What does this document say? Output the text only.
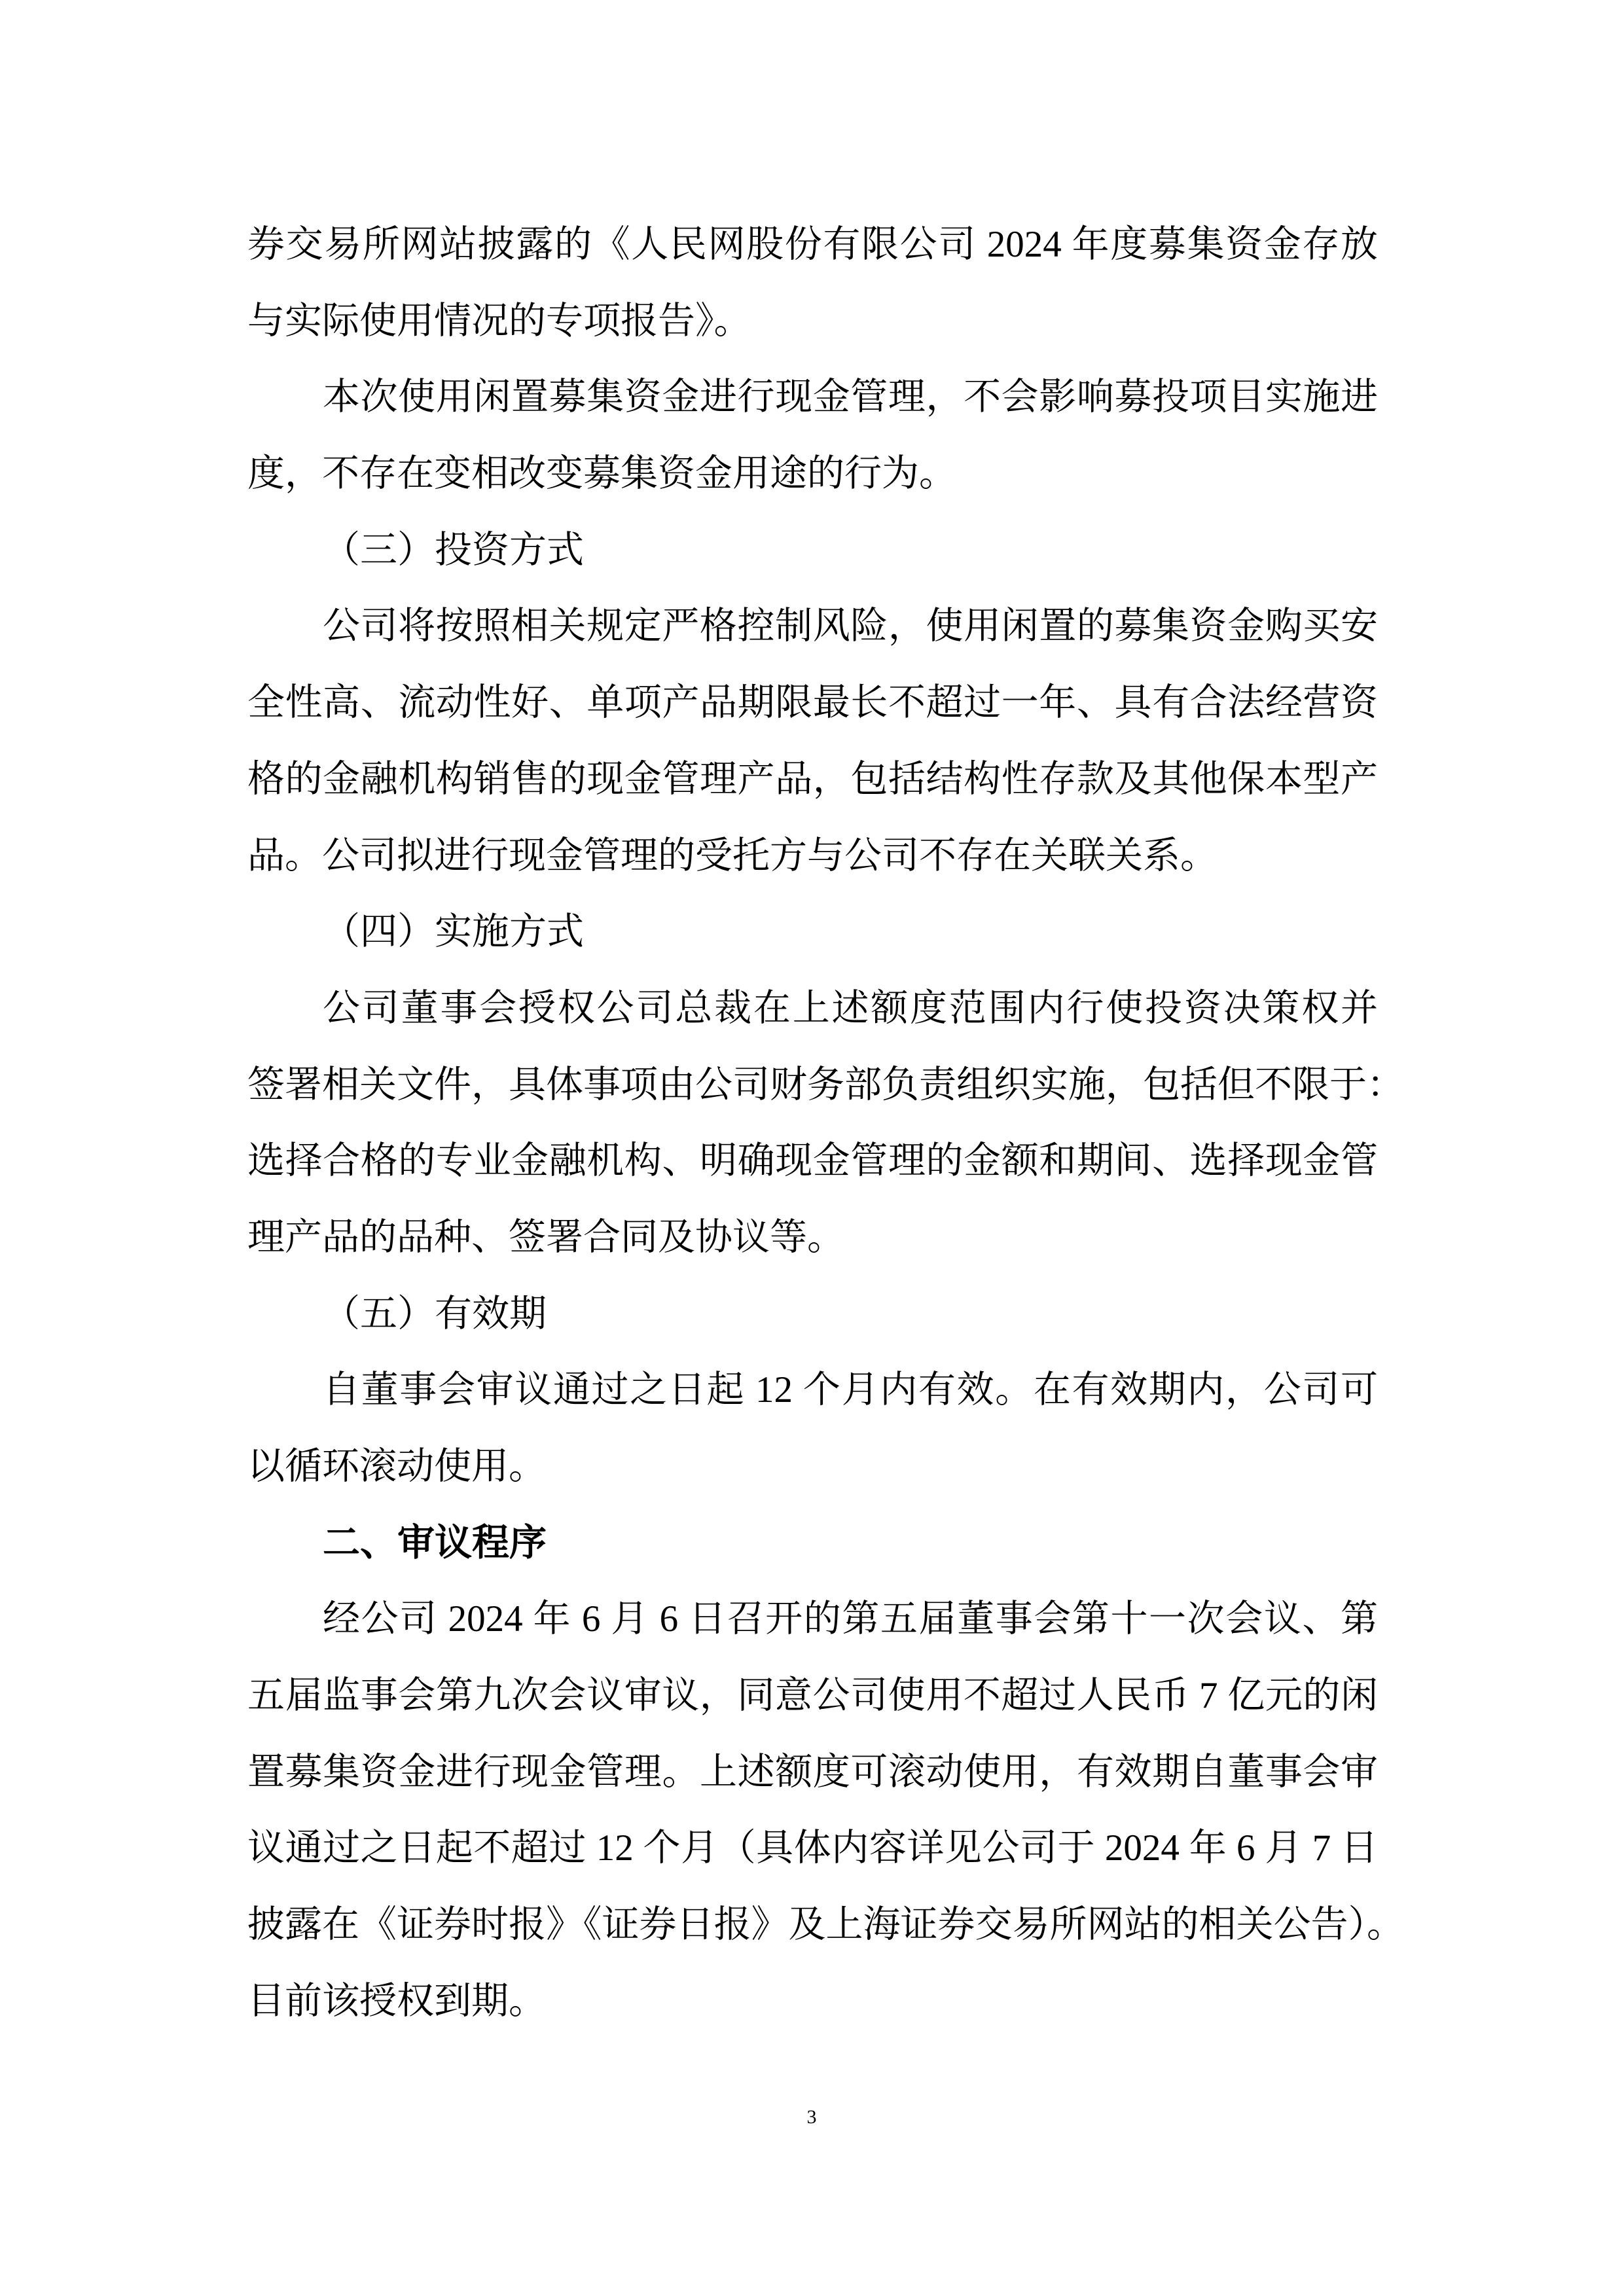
券交易所网站披露的《人民网股份有限公司 2024 年度募集资金存放
与实际使用情况的专项报告》。
本次使用闲置募集资金进行现金管理，不会影响募投项目实施进
度，不存在变相改变募集资金用途的行为。
（三）投资方式
公司将按照相关规定严格控制风险，使用闲置的募集资金购买安
全性高、流动性好、单项产品期限最长不超过一年、具有合法经营资
格的金融机构销售的现金管理产品，包括结构性存款及其他保本型产
品。公司拟进行现金管理的受托方与公司不存在关联关系。
（四）实施方式
公司董事会授权公司总裁在上述额度范围内行使投资决策权并
签署相关文件，具体事项由公司财务部负责组织实施，包括但不限于：
选择合格的专业金融机构、明确现金管理的金额和期间、选择现金管
理产品的品种、签署合同及协议等。
（五）有效期
自董事会审议通过之日起 12 个月内有效。在有效期内，公司可
以循环滚动使用。
二、审议程序
经公司 2024 年 6 月 6 日召开的第五届董事会第十一次会议、第
五届监事会第九次会议审议，同意公司使用不超过人民币 7 亿元的闲
置募集资金进行现金管理。上述额度可滚动使用，有效期自董事会审
议通过之日起不超过 12 个月（具体内容详见公司于 2024 年 6 月 7 日
披露在《证券时报》《证券日报》及上海证券交易所网站的相关公告）。
目前该授权到期。
3
